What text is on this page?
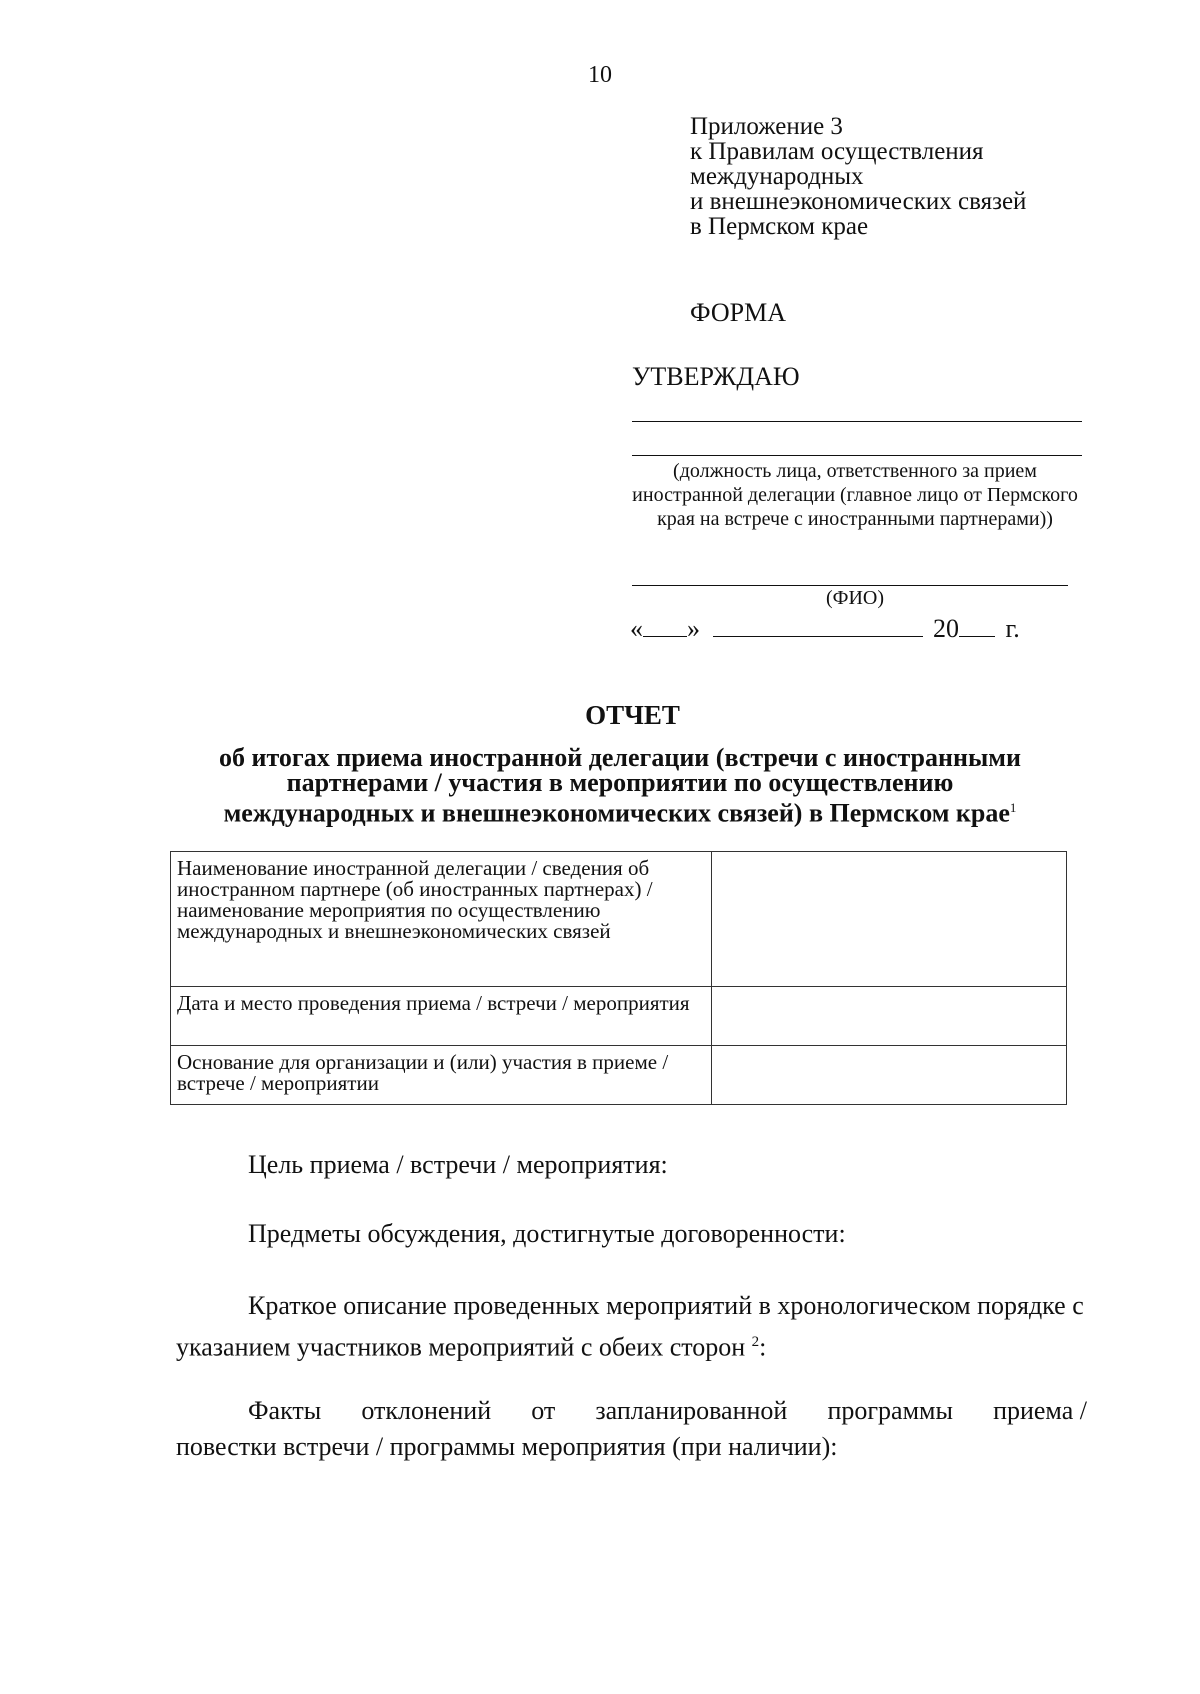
10
Приложение 3
к Правилам осуществления
международных
и внешнеэкономических связей
в Пермском крае
ФОРМА
УТВЕРЖДАЮ
(должность лица, ответственного за прием иностранной делегации (главное лицо от Пермского края на встрече с иностранными партнерами))
(ФИО)
« »	20 г.
ОТЧЕТ
об итогах приема иностранной делегации (встречи с иностранными
партнерами / участия в мероприятии по осуществлению
международных и внешнеэкономических связей) в Пермском крае$^1$
Наименование иностранной делегации / сведения об иностранном партнере (об иностранных партнерах) / наименование мероприятия по осуществлению международных и внешнеэкономических связей	
Дата и место проведения приема / встречи / мероприятия	
Основание для организации и (или) участия в приеме / встрече / мероприятии	
Цель приема / встречи / мероприятия:
Предметы обсуждения, достигнутые договоренности:
Краткое описание проведенных мероприятий в хронологическом порядке с указанием участников мероприятий с обеих сторон $^2$:
Факты отклонений от запланированной программы приема /
повестки встречи / программы мероприятия (при наличии):
